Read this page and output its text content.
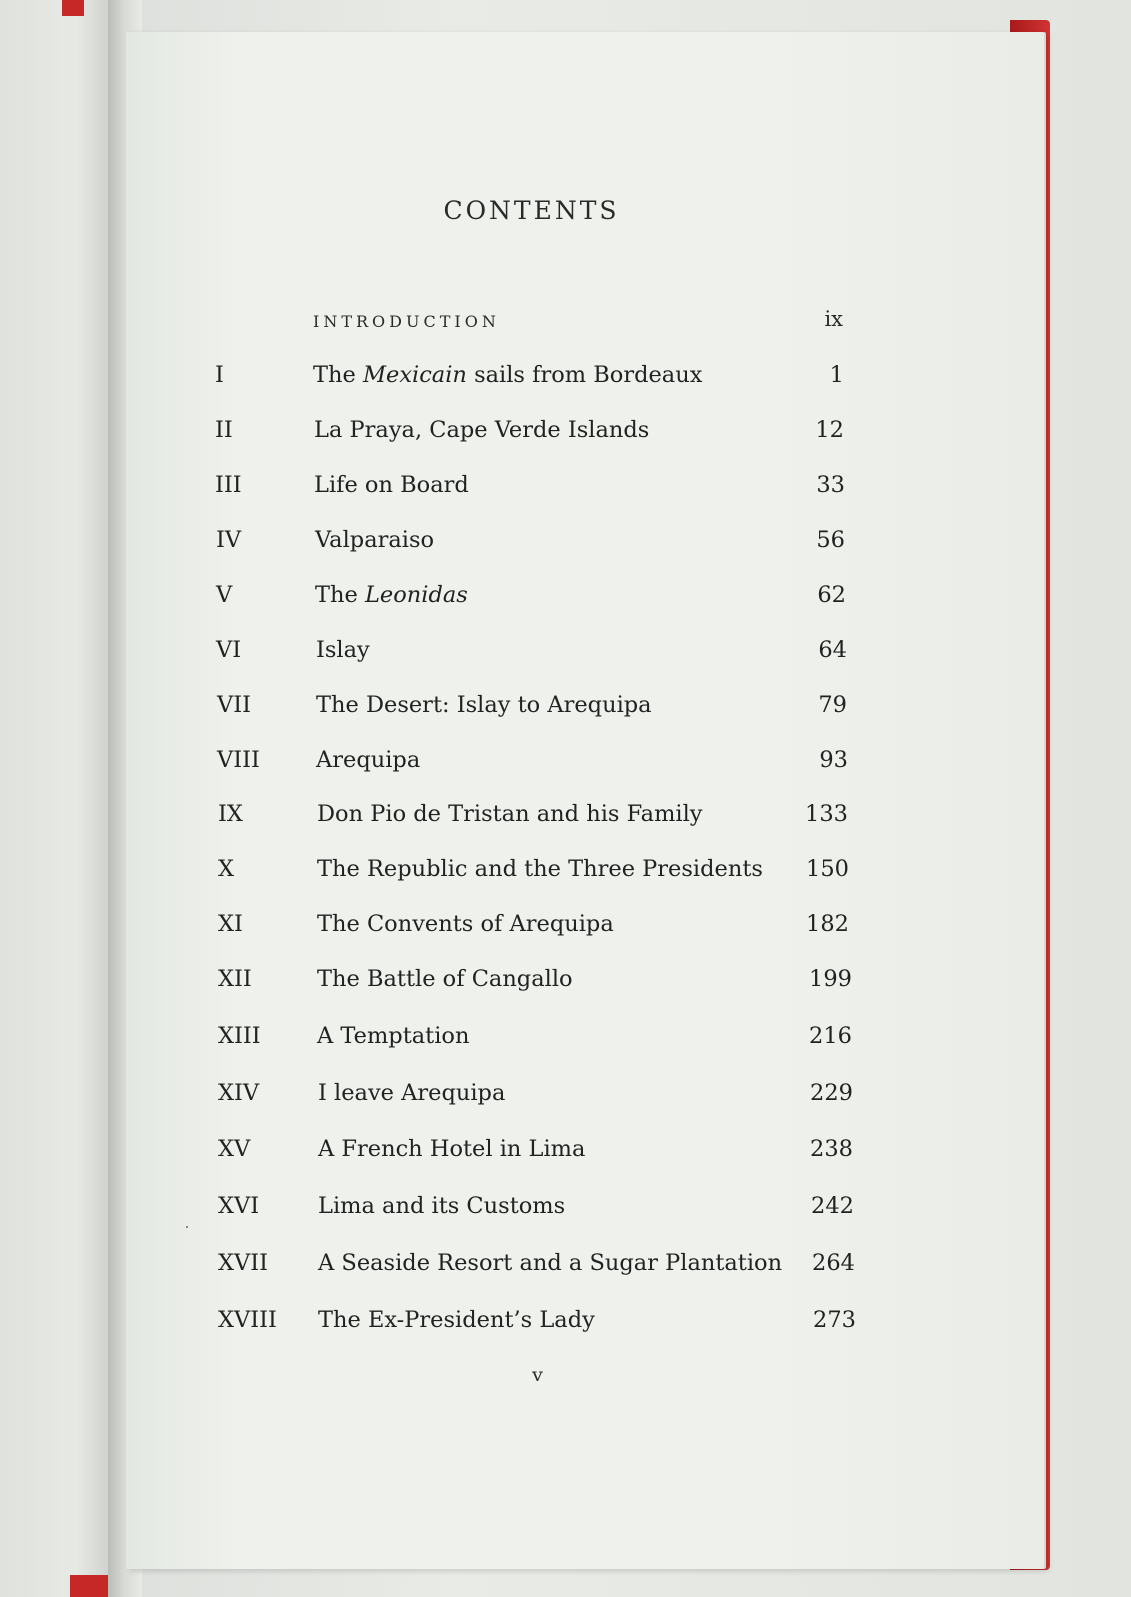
CONTENTS
INTRODUCTION	ix
I	The Mexicain sails from Bordeaux	1
II	La Praya, Cape Verde Islands	12
III	Life on Board	33
IV	Valparaiso	56
V	The Leonidas	62
VI	Islay	64
VII	The Desert: Islay to Arequipa	79
VIII Arequipa	93
IX	Don Pio de Tristan and his Family	133
X	The Republic and the Three Presidents 150
XI	The Convents of Arequipa	182
XII	The Battle of Cangallo	199
XIII	A Temptation	216
XIV	I leave Arequipa	229
XV	A French Hotel in Lima	238
XVI	Lima and its Customs	242
XVII A Seaside Resort and a Sugar Plantation 264
XVIII The Ex-President’s Lady	273
v
